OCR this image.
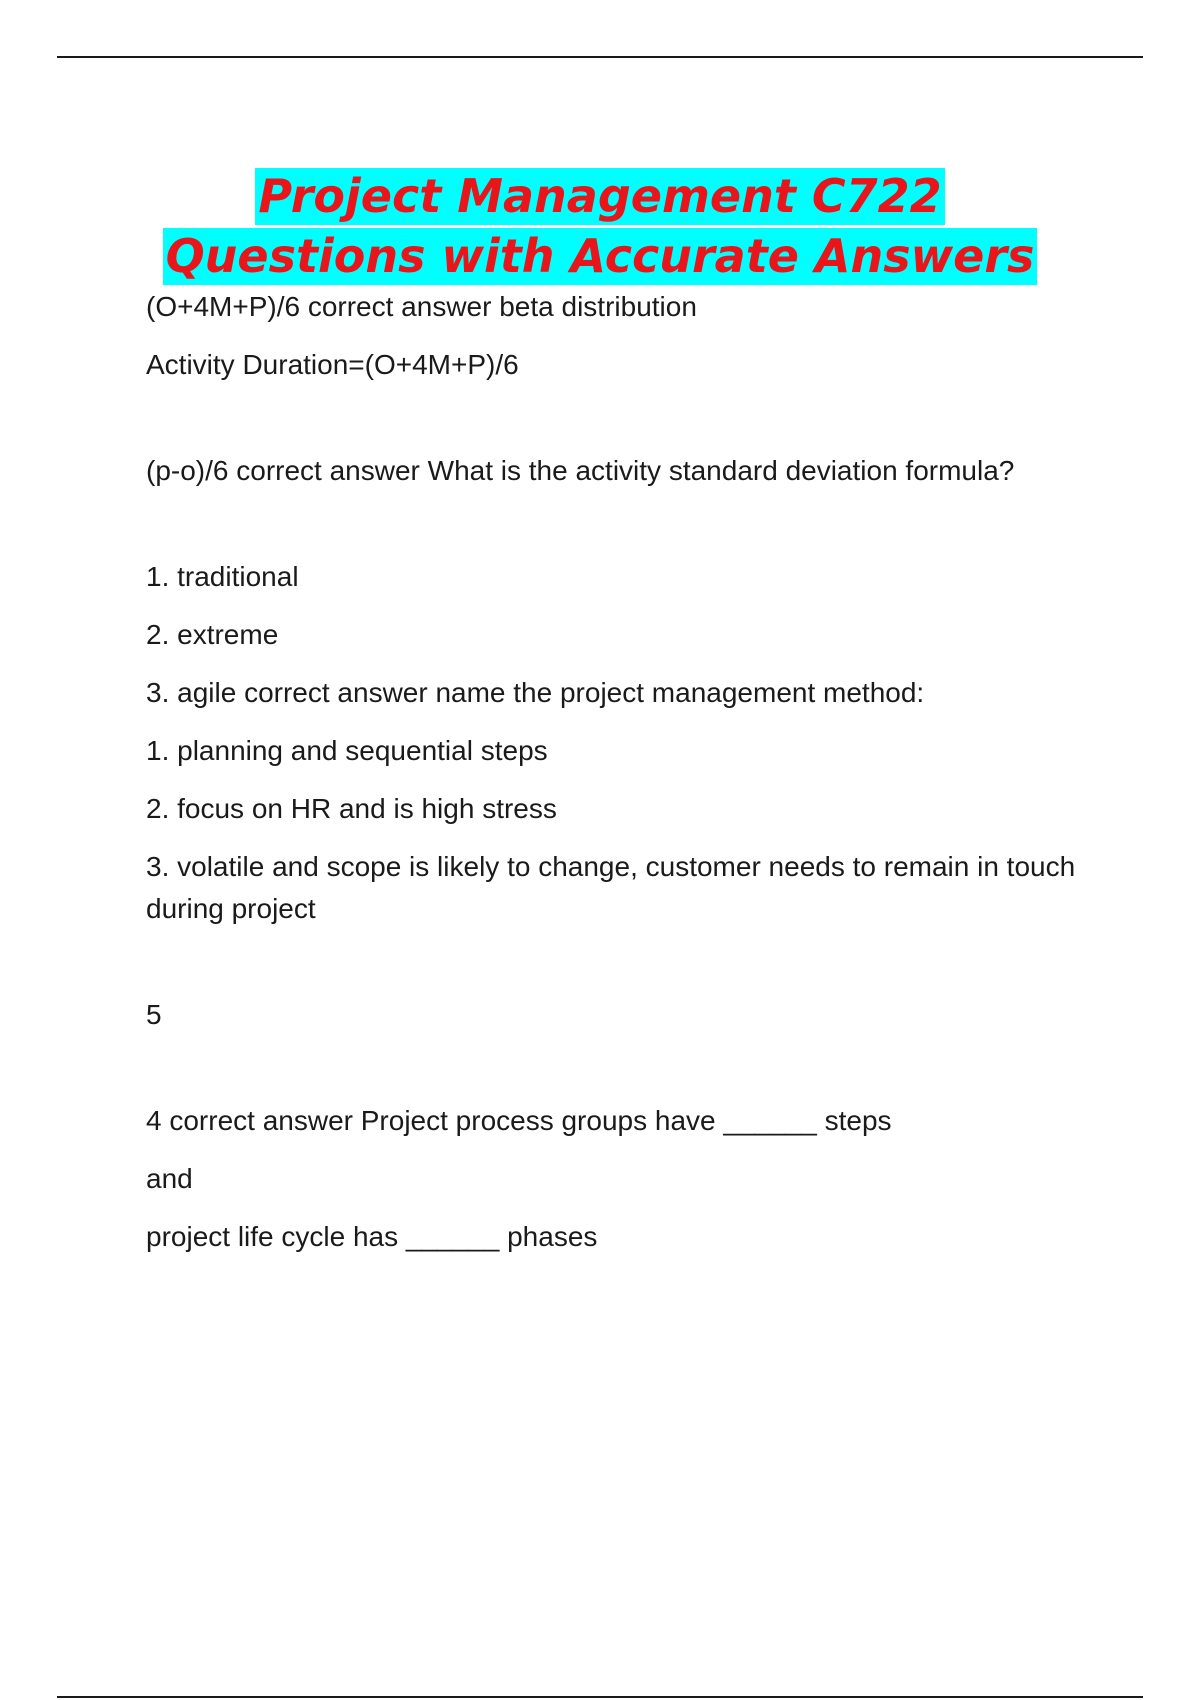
Project Management C722
Questions with Accurate Answers

(O+4M+P)/6 correct answer beta distribution

Activity Duration=(O+4M+P)/6

(p-o)/6 correct answer What is the activity standard deviation formula?

1. traditional

2. extreme

3. agile correct answer name the project management method:

1. planning and sequential steps

2. focus on HR and is high stress

3. volatile and scope is likely to change, customer needs to remain in touch during project

5

4 correct answer Project process groups have ______ steps

and

project life cycle has ______ phases
